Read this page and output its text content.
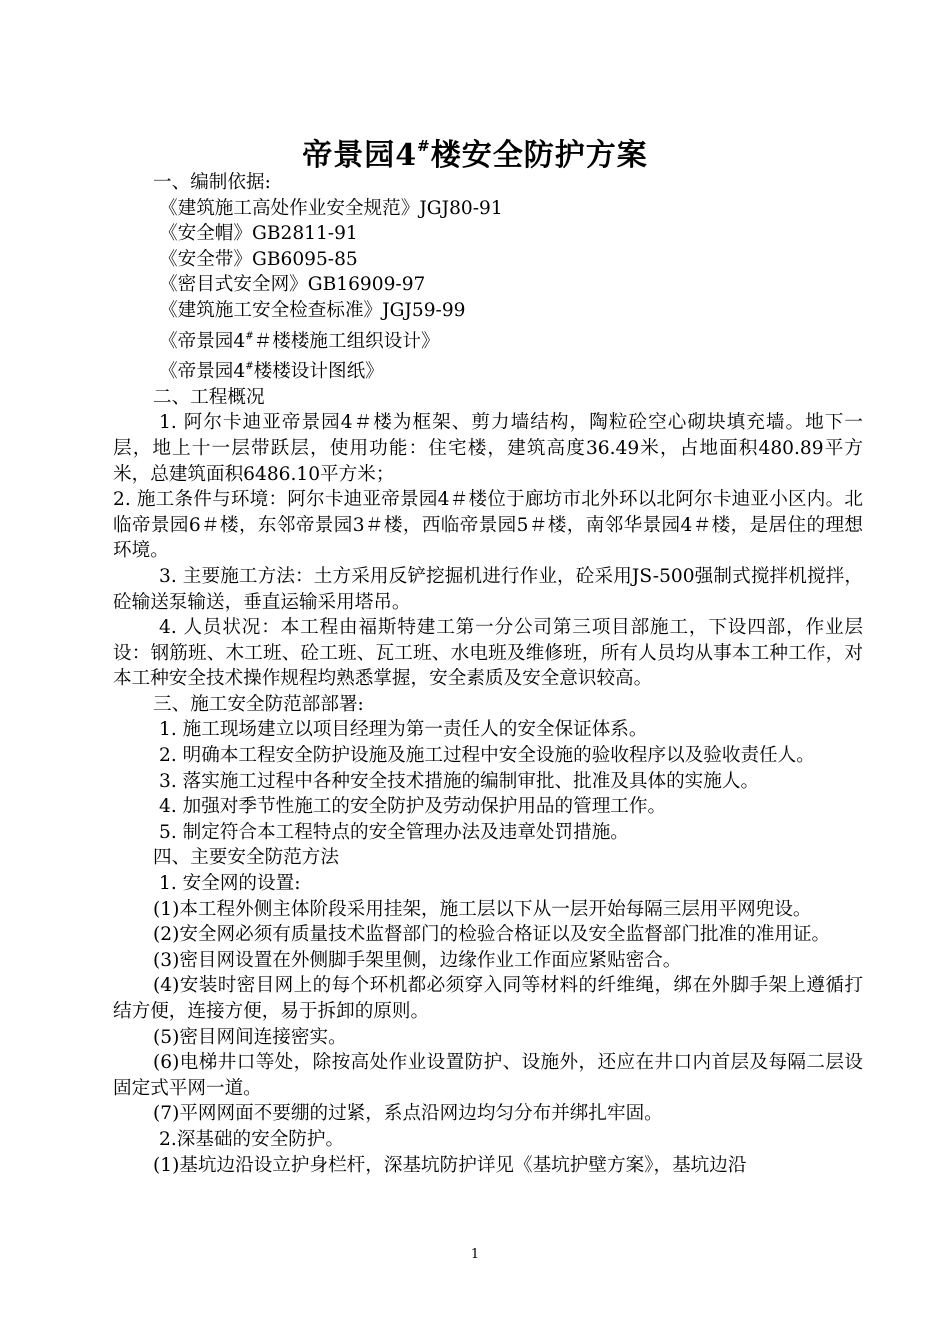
帝景园4#楼安全防护方案

一、编制依据:

《建筑施工高处作业安全规范》JGJ80-91

《安全帽》GB2811-91

《安全带》GB6095-85

《密目式安全网》GB16909-97

《建筑施工安全检查标准》JGJ59-99

《帝景园4#＃楼楼施工组织设计》

《帝景园4#楼楼设计图纸》

二、工程概况

1. 阿尔卡迪亚帝景园4＃楼为框架、剪力墙结构，陶粒砼空心砌块填充墙。地下一层，地上十一层带跃层，使用功能：住宅楼，建筑高度36.49米，占地面积480.89平方米，总建筑面积6486.10平方米；

2. 施工条件与环境：阿尔卡迪亚帝景园4＃楼位于廊坊市北外环以北阿尔卡迪亚小区内。北临帝景园6＃楼，东邻帝景园3＃楼，西临帝景园5＃楼，南邻华景园4＃楼，是居住的理想环境。

3. 主要施工方法：土方采用反铲挖掘机进行作业，砼采用JS-500强制式搅拌机搅拌，砼输送泵输送，垂直运输采用塔吊。

4. 人员状况：本工程由福斯特建工第一分公司第三项目部施工，下设四部，作业层设：钢筋班、木工班、砼工班、瓦工班、水电班及维修班，所有人员均从事本工种工作，对本工种安全技术操作规程均熟悉掌握，安全素质及安全意识较高。

三、施工安全防范部部署:

1. 施工现场建立以项目经理为第一责任人的安全保证体系。

2. 明确本工程安全防护设施及施工过程中安全设施的验收程序以及验收责任人。

3. 落实施工过程中各种安全技术措施的编制审批、批准及具体的实施人。

4. 加强对季节性施工的安全防护及劳动保护用品的管理工作。

5. 制定符合本工程特点的安全管理办法及违章处罚措施。

四、主要安全防范方法

1. 安全网的设置:

(1)本工程外侧主体阶段采用挂架，施工层以下从一层开始每隔三层用平网兜设。

(2)安全网必须有质量技术监督部门的检验合格证以及安全监督部门批准的准用证。

(3)密目网设置在外侧脚手架里侧，边缘作业工作面应紧贴密合。

(4)安装时密目网上的每个环机都必须穿入同等材料的纤维绳，绑在外脚手架上遵循打结方便，连接方便，易于拆卸的原则。

(5)密目网间连接密实。

(6)电梯井口等处，除按高处作业设置防护、设施外，还应在井口内首层及每隔二层设固定式平网一道。

(7)平网网面不要绷的过紧，系点沿网边均匀分布并绑扎牢固。

2.深基础的安全防护。

(1)基坑边沿设立护身栏杆，深基坑防护详见《基坑护壁方案》，基坑边沿

1
